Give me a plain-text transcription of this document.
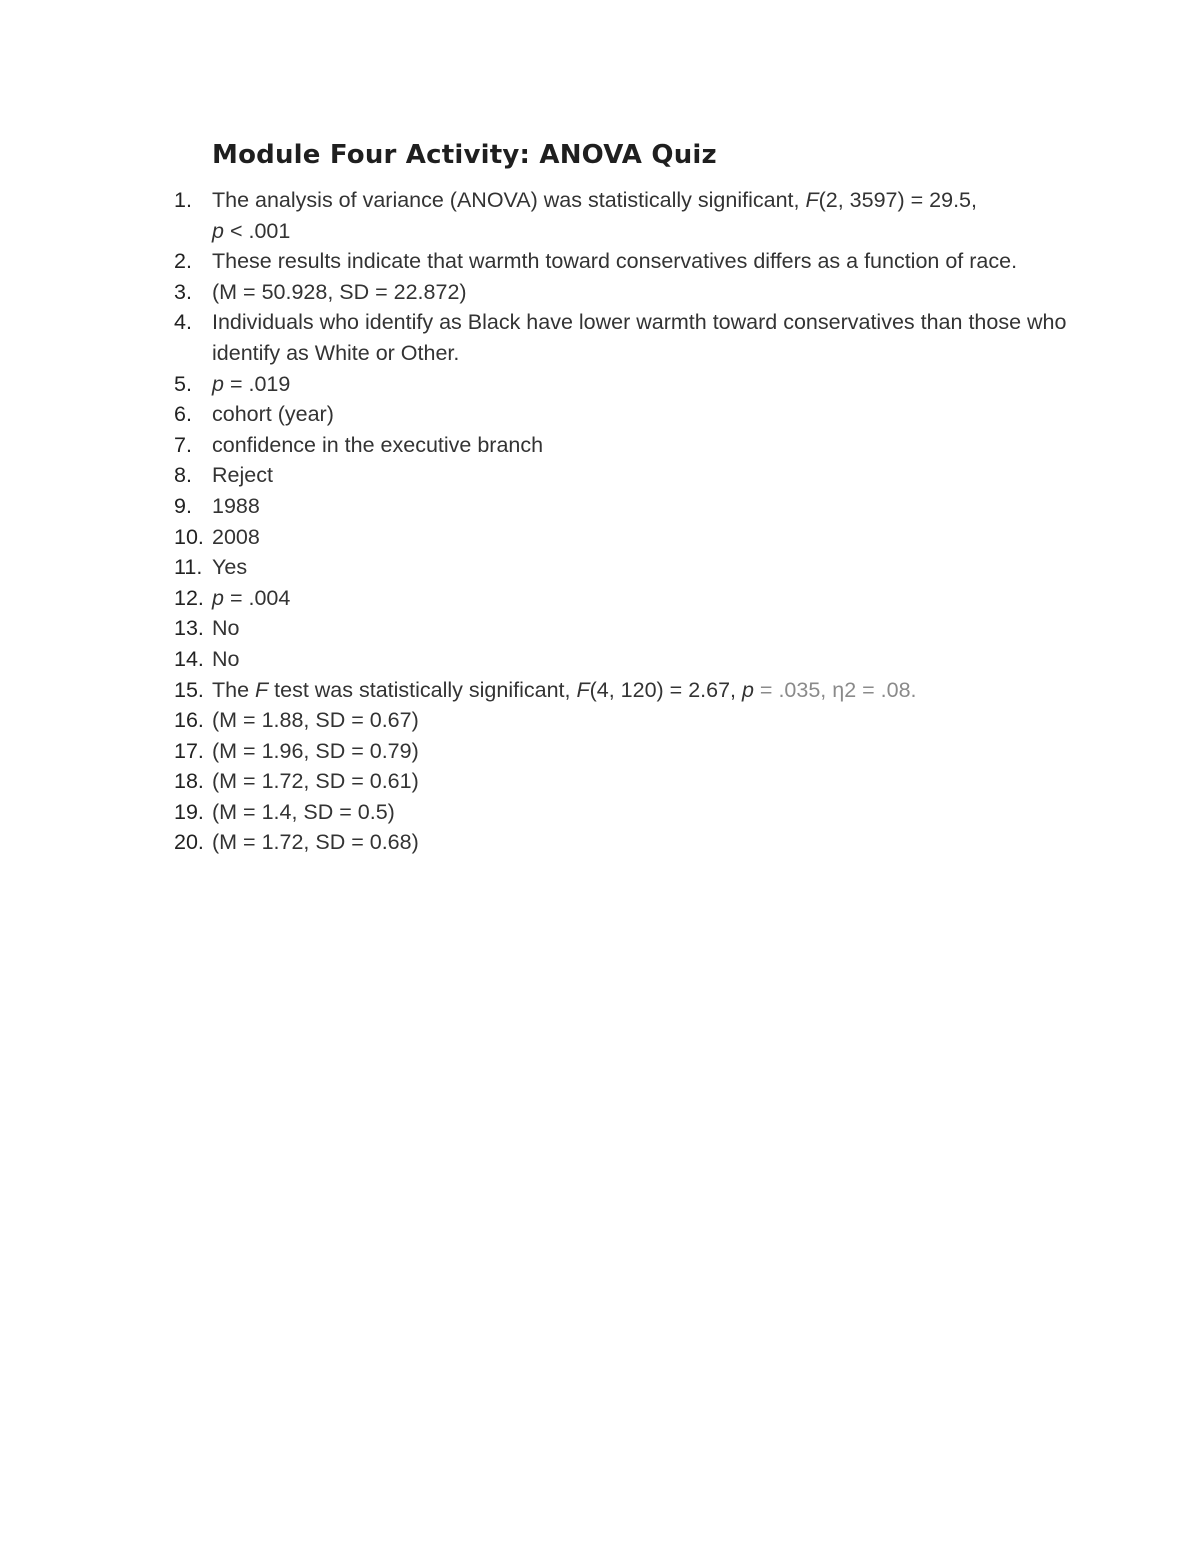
Module Four Activity: ANOVA Quiz
1. The analysis of variance (ANOVA) was statistically significant, F(2, 3597) = 29.5,
p < .001
2. These results indicate that warmth toward conservatives differs as a function of race.
3. (M = 50.928, SD = 22.872)
4. Individuals who identify as Black have lower warmth toward conservatives than those who identify as White or Other.
5. p = .019
6. cohort (year)
7. confidence in the executive branch
8. Reject
9. 1988
10. 2008
11. Yes
12. p = .004
13. No
14. No
15. The F test was statistically significant, F(4, 120) = 2.67, p = .035, η2 = .08.
16. (M = 1.88, SD = 0.67)
17. (M = 1.96, SD = 0.79)
18. (M = 1.72, SD = 0.61)
19. (M = 1.4, SD = 0.5)
20. (M = 1.72, SD = 0.68)
